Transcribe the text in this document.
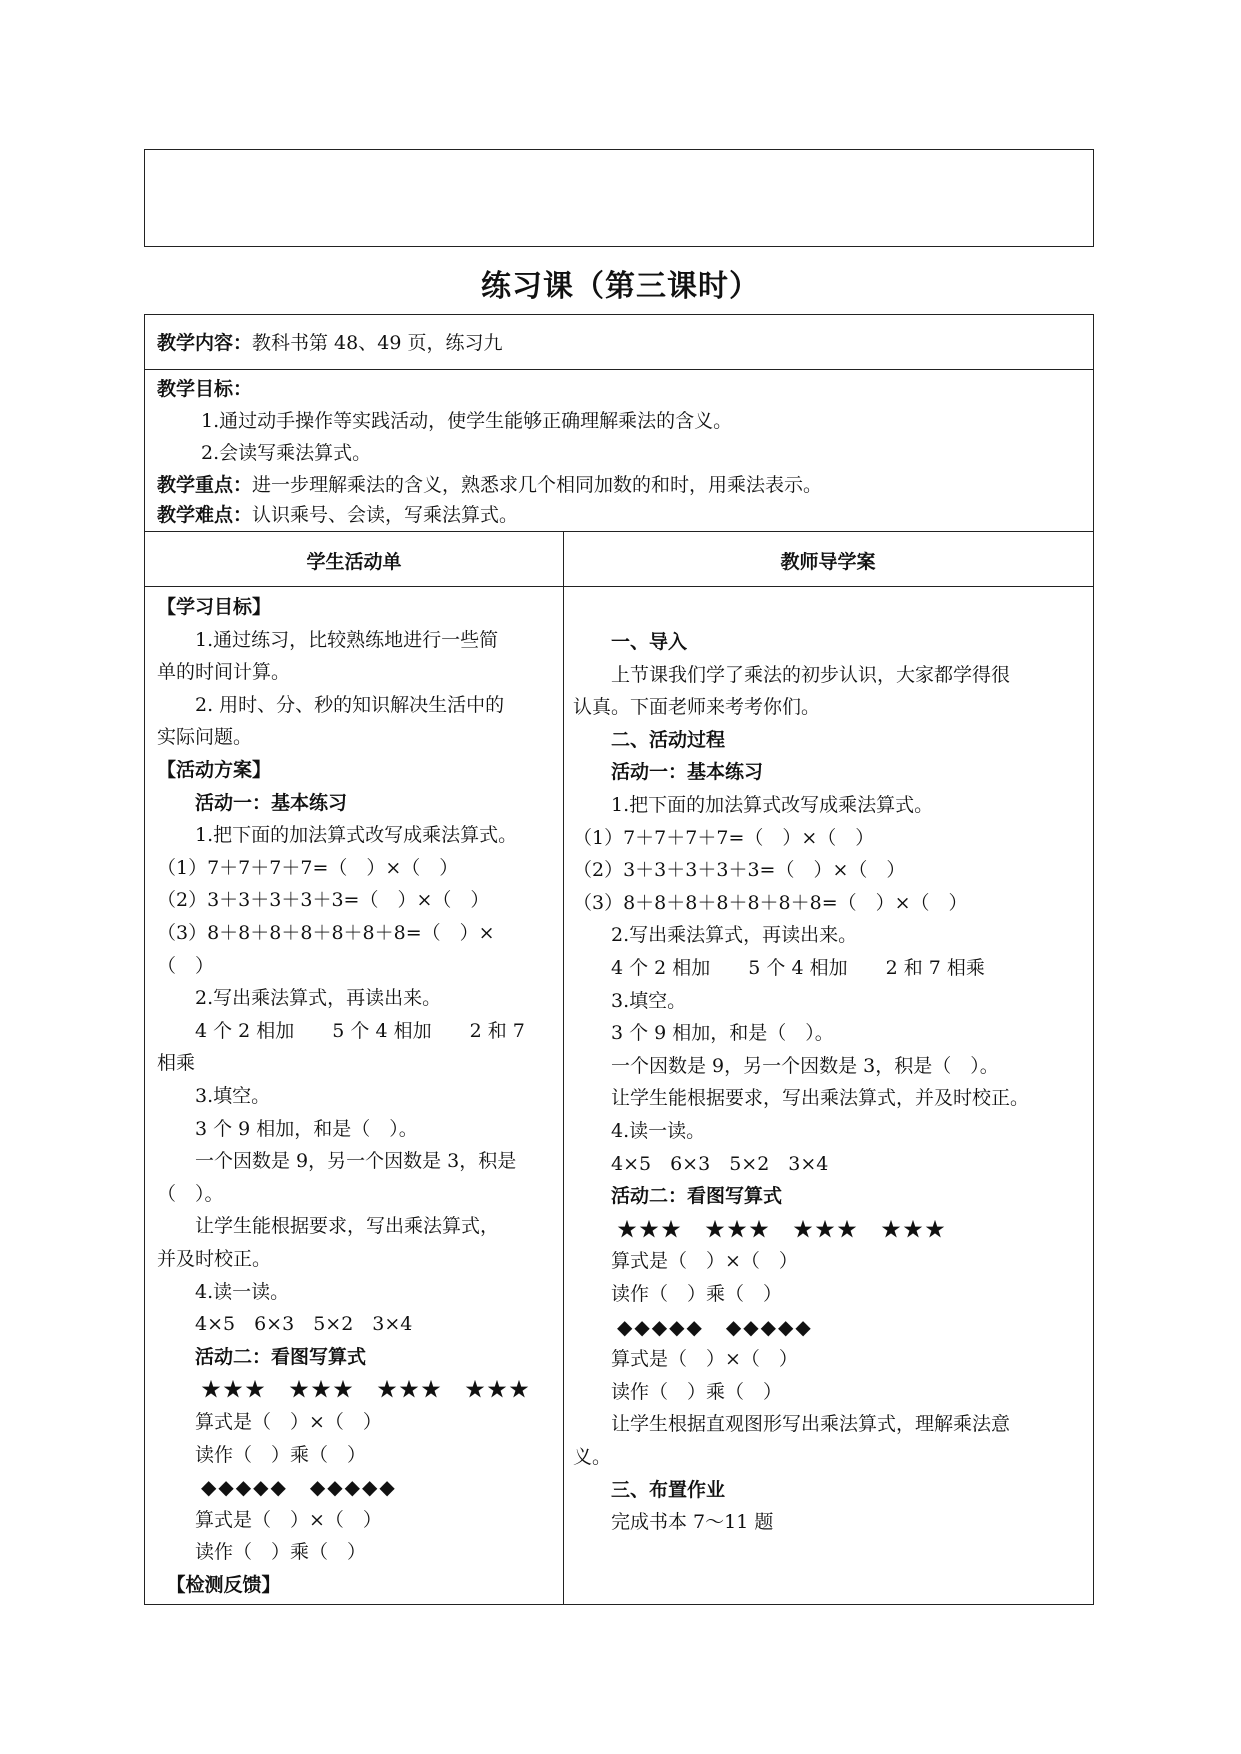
练习课（第三课时）
教学内容：教科书第 48、49 页，练习九
教学目标：
1.通过动手操作等实践活动，使学生能够正确理解乘法的含义。
2.会读写乘法算式。
教学重点：进一步理解乘法的含义，熟悉求几个相同加数的和时，用乘法表示。
教学难点：认识乘号、会读，写乘法算式。
学生活动单	教师导学案
【学习目标】
　　1.通过练习，比较熟练地进行一些简
单的时间计算。
　　2. 用时、分、秒的知识解决生活中的
实际问题。
【活动方案】
　　活动一：基本练习
　　1.把下面的加法算式改写成乘法算式。
（1）7＋7＋7＋7=（　）×（　）
（2）3＋3＋3＋3＋3=（　）×（　）
（3）8＋8＋8＋8＋8＋8＋8=（　）×
（　）
　　2.写出乘法算式，再读出来。
　　4 个 2 相加　　5 个 4 相加　　2 和 7
相乘
　　3.填空。
　　3 个 9 相加，和是（　）。
　　一个因数是 9，另一个因数是 3，积是
（　）。
　　让学生能根据要求，写出乘法算式，
并及时校正。
　　4.读一读。
　　4×5　6×3　5×2　3×4
　　活动二：看图写算式
　　★★★　★★★　★★★　★★★
　　算式是（　）×（　）
　　读作（　）乘（　）
　　◆◆◆◆◆　◆◆◆◆◆
　　算式是（　）×（　）
　　读作（　）乘（　）
　【检测反馈】
　　一、导入
　　上节课我们学了乘法的初步认识，大家都学得很
认真。下面老师来考考你们。
　　二、活动过程
　　活动一：基本练习
　　1.把下面的加法算式改写成乘法算式。
（1）7＋7＋7＋7=（　）×（　）
（2）3＋3＋3＋3＋3=（　）×（　）
（3）8＋8＋8＋8＋8＋8＋8=（　）×（　）
　　2.写出乘法算式，再读出来。
　　4 个 2 相加　　5 个 4 相加　　2 和 7 相乘
　　3.填空。
　　3 个 9 相加，和是（　）。
　　一个因数是 9，另一个因数是 3，积是（　）。
　　让学生能根据要求，写出乘法算式，并及时校正。
　　4.读一读。
　　4×5　6×3　5×2　3×4
　　活动二：看图写算式
　　★★★　★★★　★★★　★★★
　　算式是（　）×（　）
　　读作（　）乘（　）
　　◆◆◆◆◆　◆◆◆◆◆
　　算式是（　）×（　）
　　读作（　）乘（　）
　　让学生根据直观图形写出乘法算式，理解乘法意
义。
　　三、布置作业
　　完成书本 7～11 题
